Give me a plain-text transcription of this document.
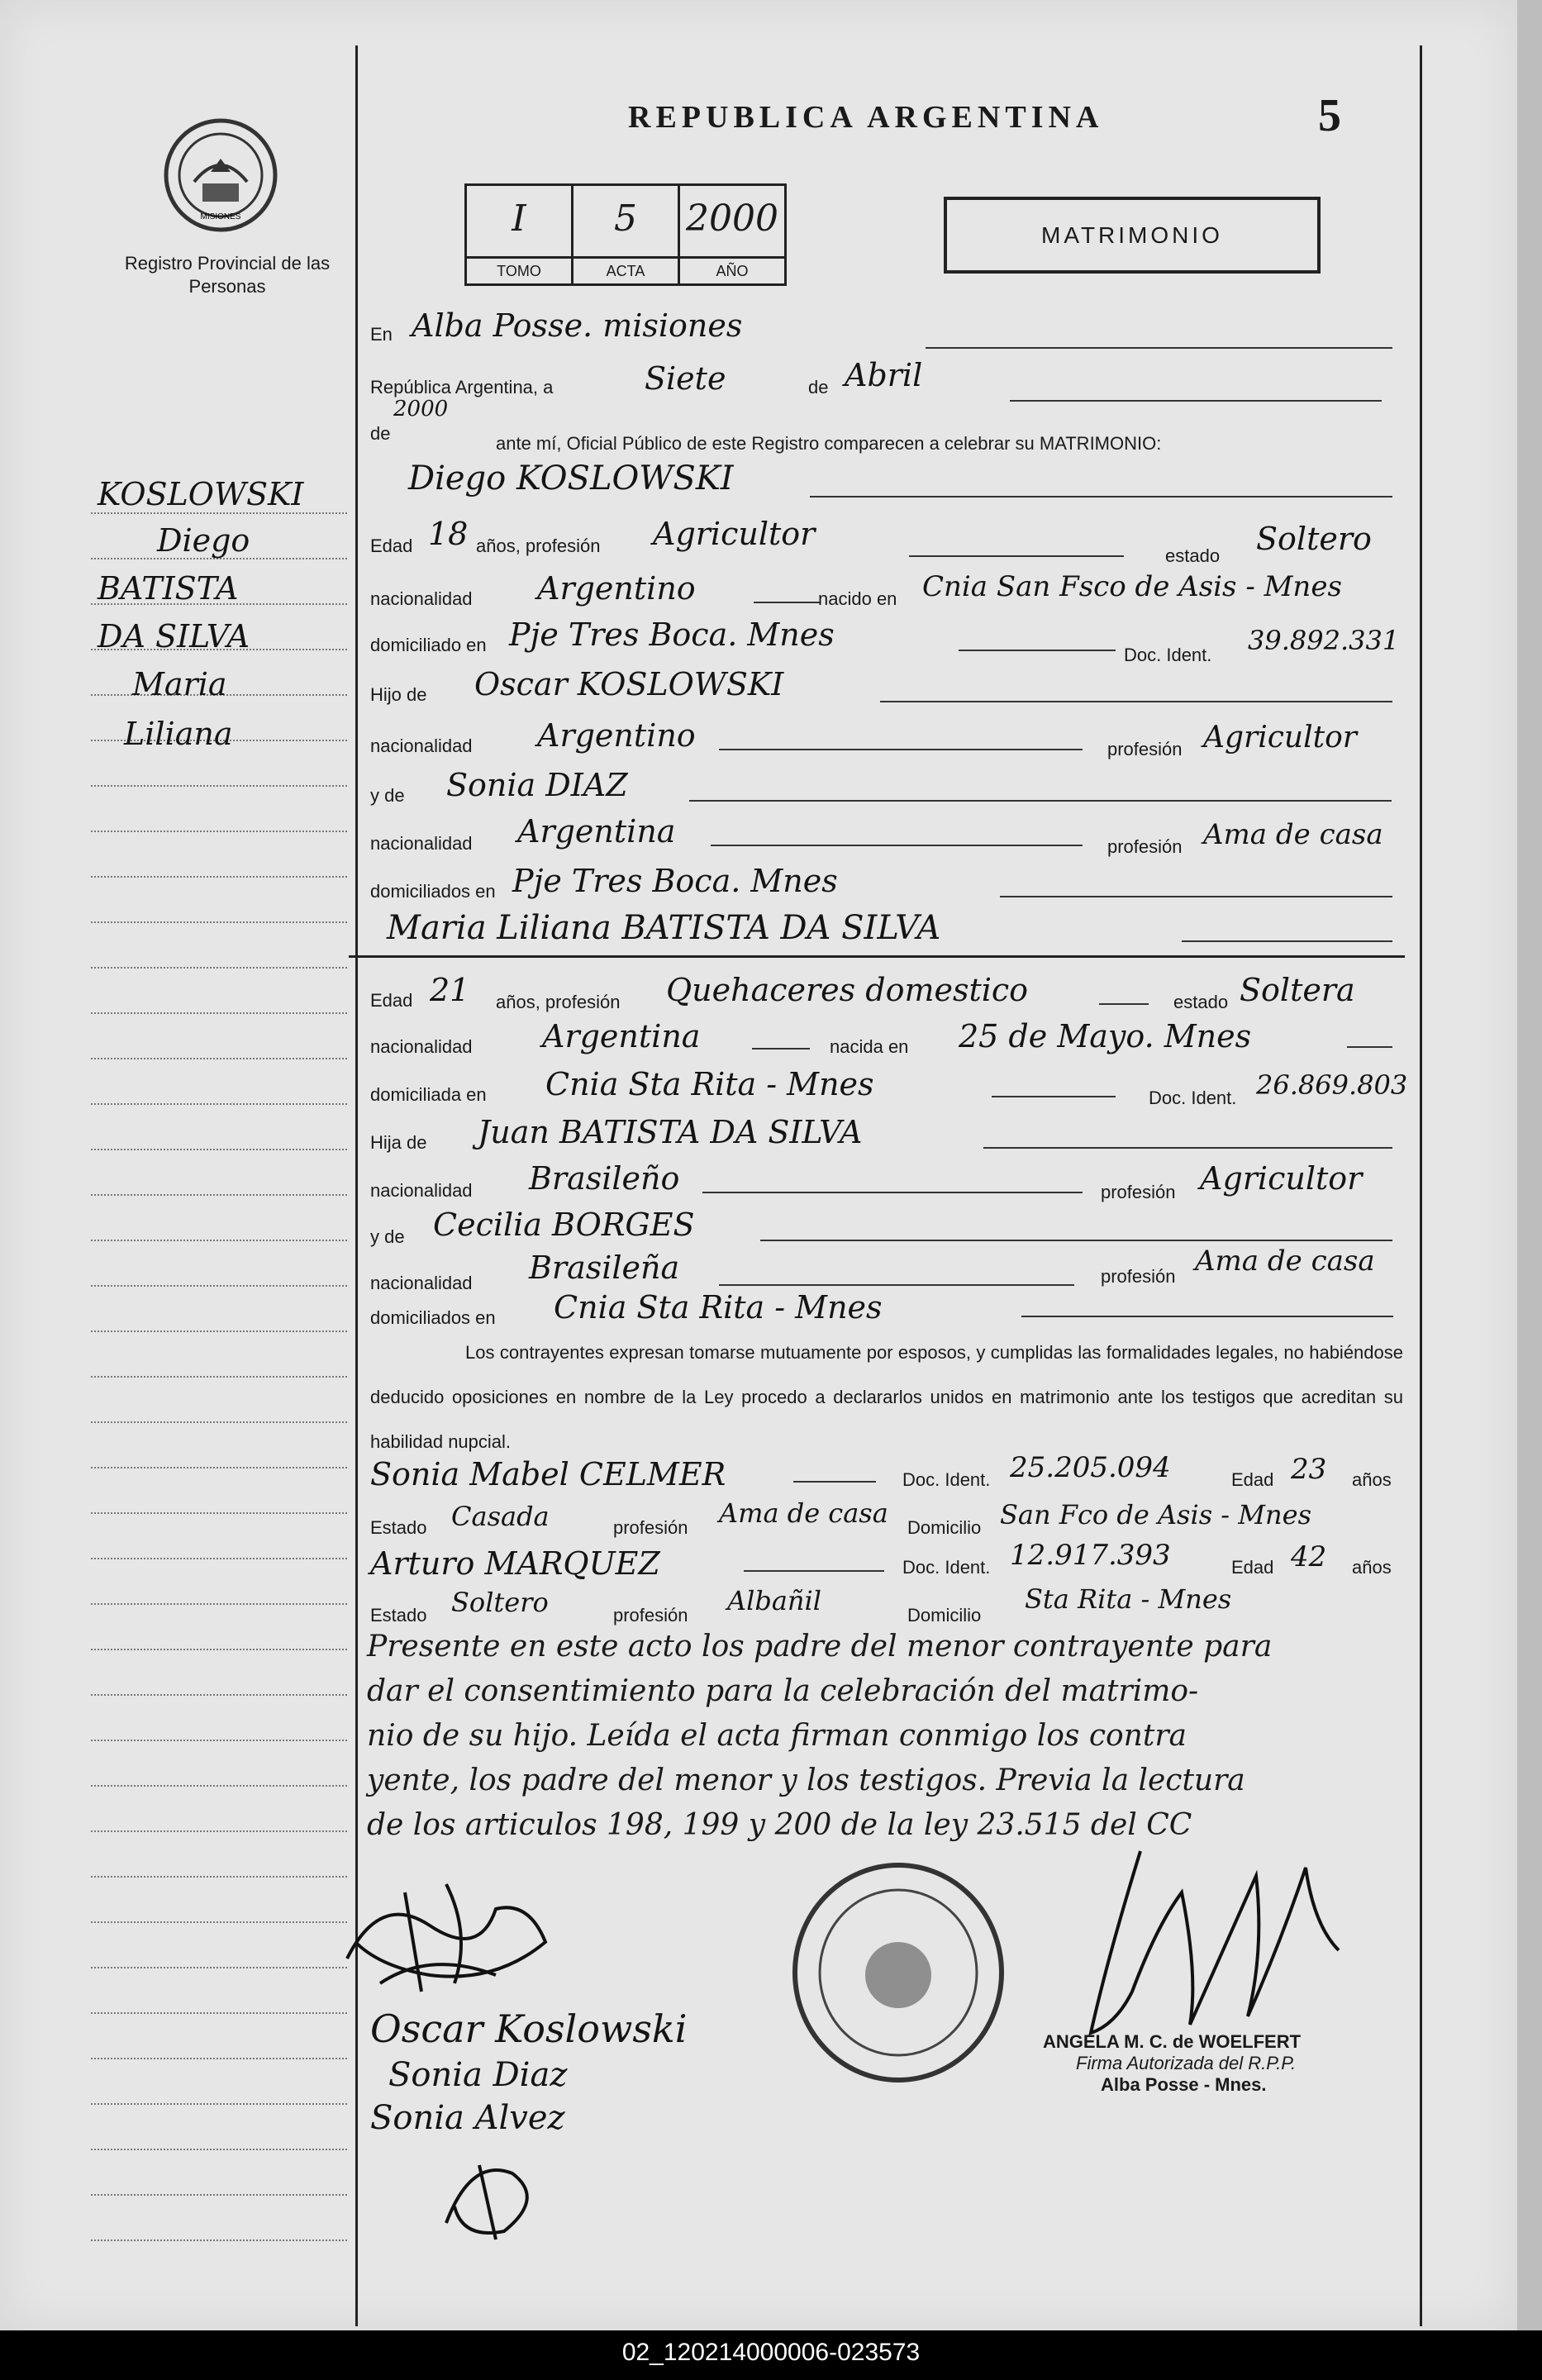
MISIONES
Registro Provincial de las Personas
REPUBLICA ARGENTINA	5
I
TOMO
5
ACTA
2000
AÑO
MATRIMONIO
KOSLOWSKI
Diego
BATISTA
DA SILVA
Maria
Liliana
En Alba Posse. misiones
República Argentina, a	Siete	de Abril
de
2000
ante mí, Oficial Público de este Registro comparecen a celebrar su MATRIMONIO:
Diego KOSLOWSKI
Edad 18 años, profesión Agricultor
estado Soltero
nacionalidad Argentino	nacido en Cnia San Fsco de Asis - Mnes
domiciliado en Pje Tres Boca. Mnes
Doc. Ident. 39.892.331
Hijo de Oscar KOSLOWSKI
nacionalidad Argentino	profesión Agricultor
y de Sonia DIAZ
nacionalidad Argentina	profesión Ama de casa
domiciliados en Pje Tres Boca. Mnes
Maria Liliana BATISTA DA SILVA
Edad 21 años, profesión Quehaceres domestico	estado Soltera
nacionalidad Argentina	nacida en 25 de Mayo. Mnes
domiciliada en Cnia Sta Rita - Mnes	Doc. Ident. 26.869.803
Hija de Juan BATISTA DA SILVA
nacionalidad Brasileño	profesión Agricultor
y de Cecilia BORGES
nacionalidad Brasileña	profesión Ama de casa
domiciliados en Cnia Sta Rita - Mnes
Los contrayentes expresan tomarse mutuamente por esposos, y cumplidas las formalidades legales, no habiéndose deducido oposiciones en nombre de la Ley procedo a declararlos unidos en matrimonio ante los testigos que acreditan su habilidad nupcial.
Sonia Mabel CELMER	Doc. Ident. 25.205.094	Edad 23 años
Estado Casada	profesión Ama de casa Domicilio San Fco de Asis - Mnes
Arturo MARQUEZ	Doc. Ident. 12.917.393	Edad 42 años
Estado Soltero	profesión Albañil	Domicilio
Sta Rita - Mnes
Presente en este acto los padre del menor contrayente para
dar el consentimiento para la celebración del matrimo-
nio de su hijo. Leída el acta firman conmigo los contra
yente, los padre del menor y los testigos. Previa la lectura
de los articulos 198, 199 y 200 de la ley 23.515 del CC
Oscar Koslowski
Sonia Diaz
Sonia Alvez
ANGELA M. C. de WOELFERT
Firma Autorizada del R.P.P.
Alba Posse - Mnes.
02_120214000006-023573
